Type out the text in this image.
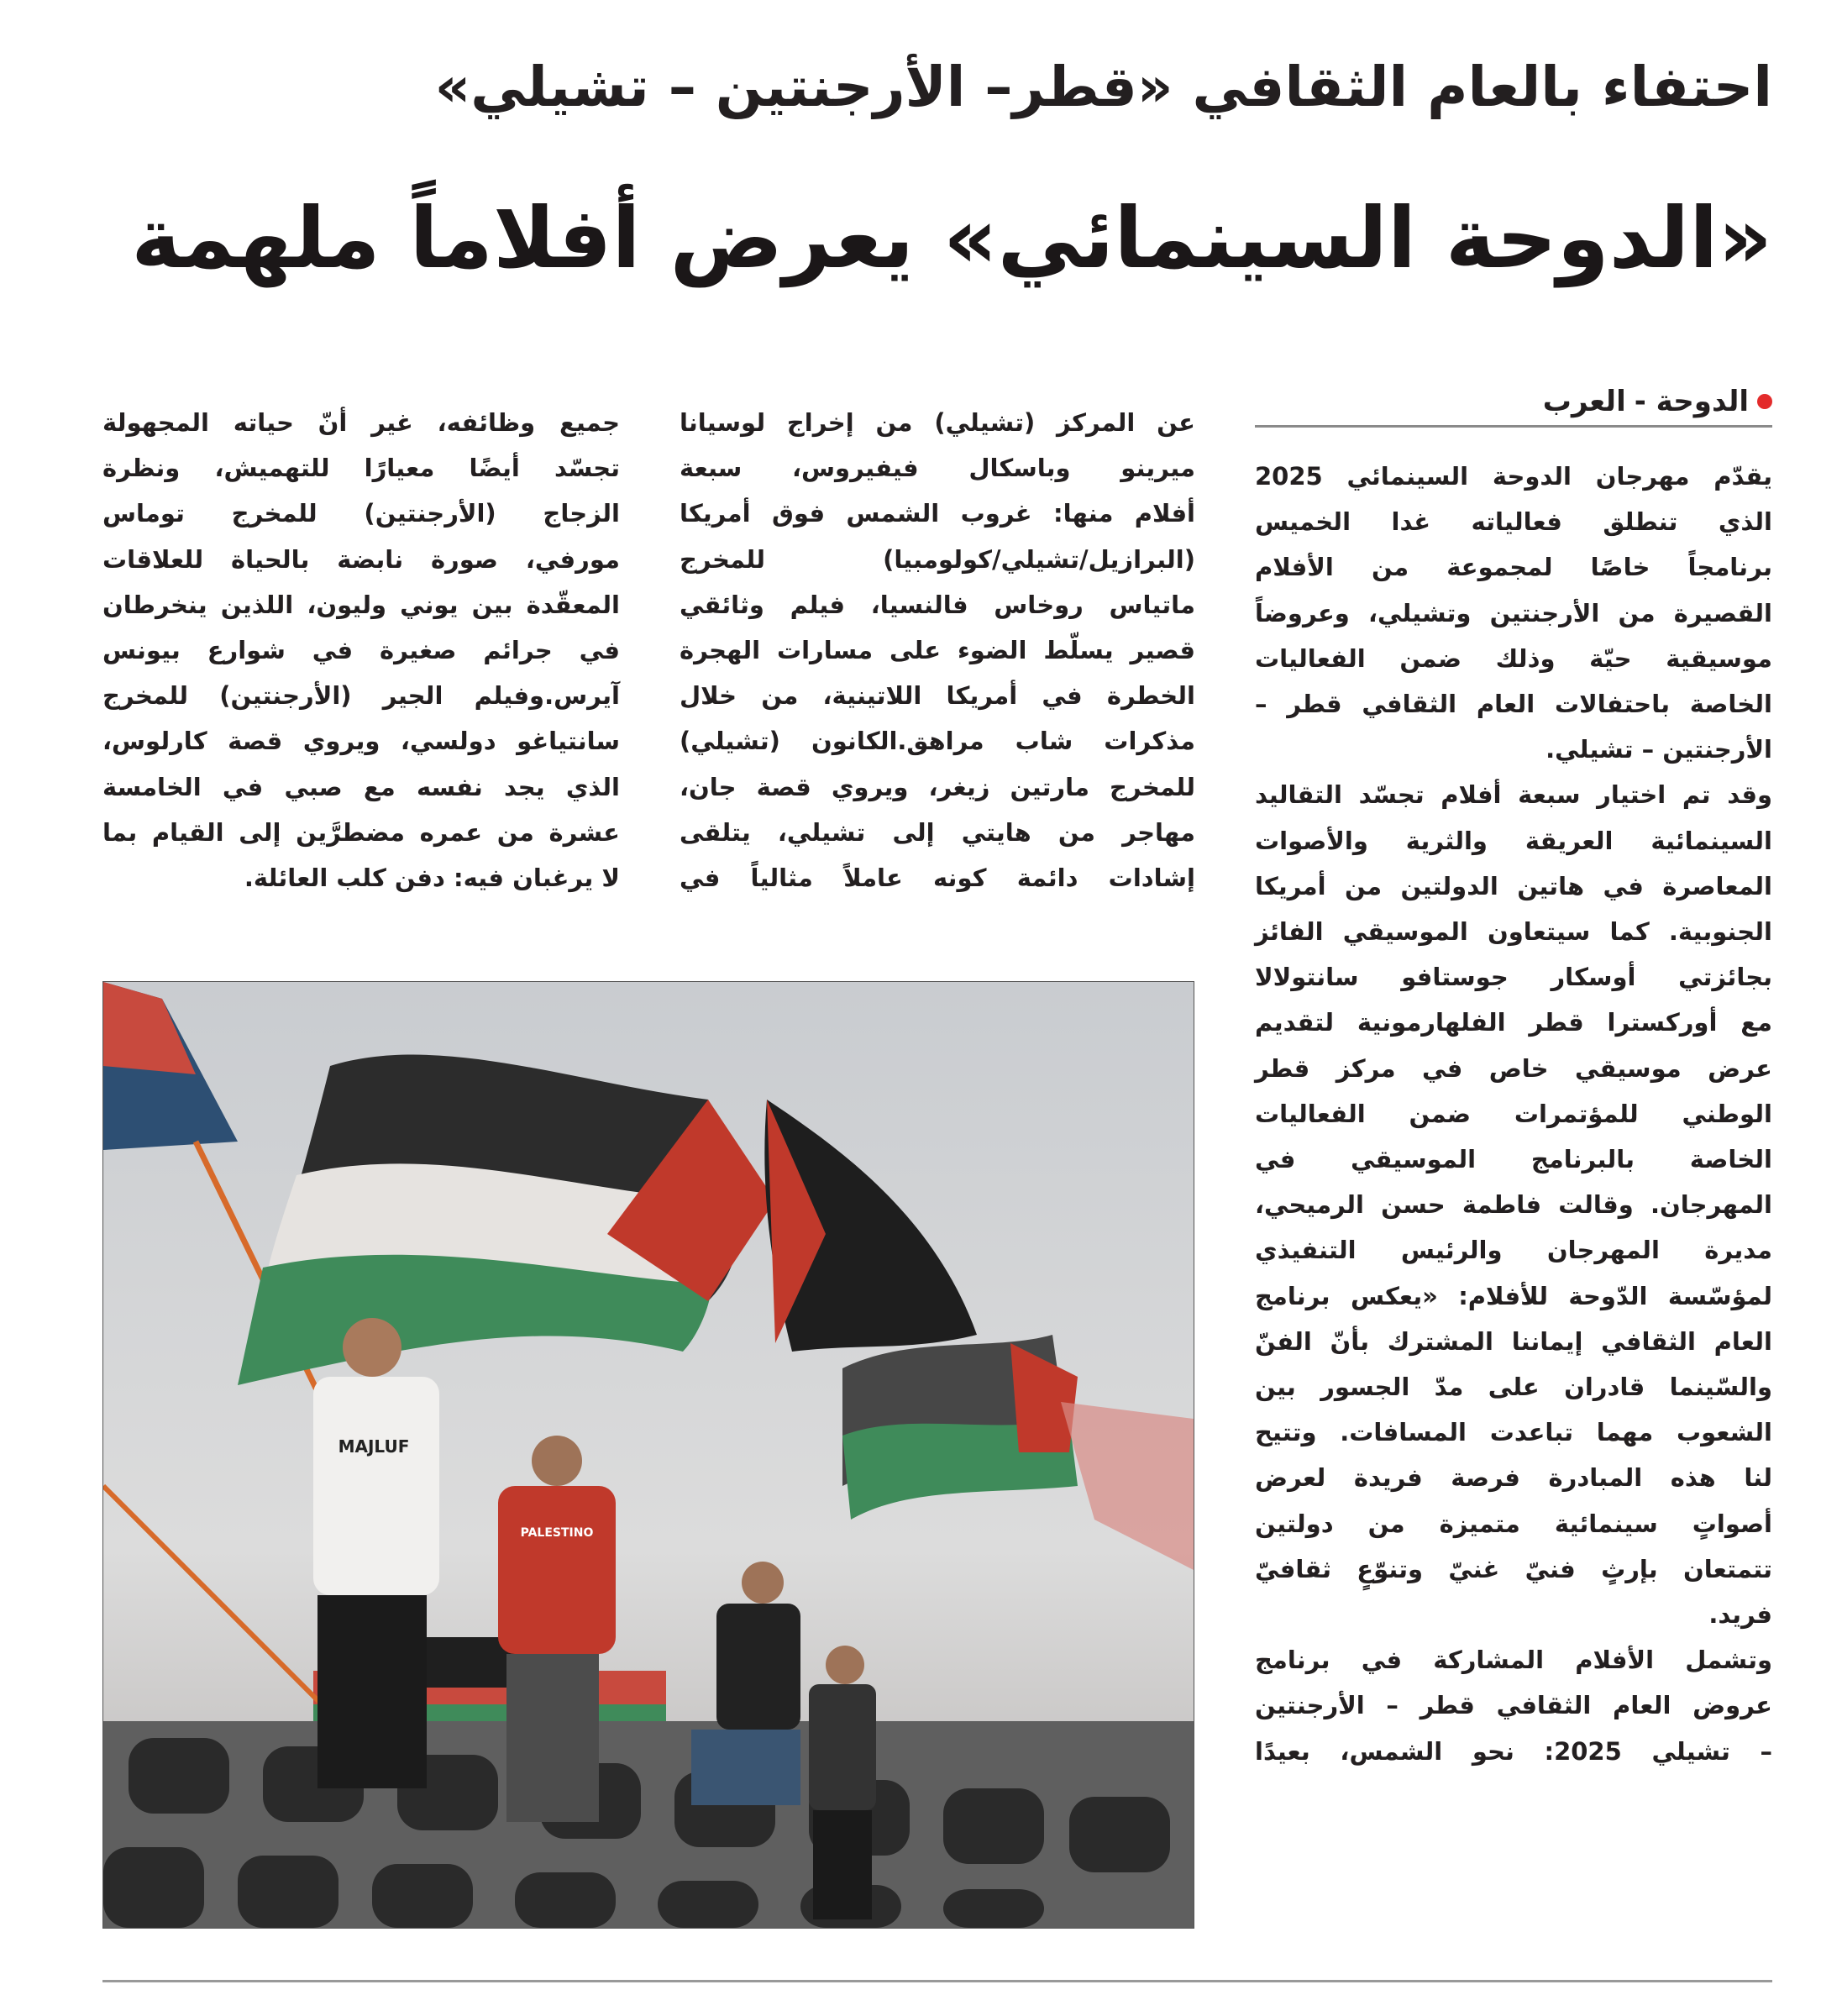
احتفاء بالعام الثقافي «قطر– الأرجنتين – تشيلي»
«الدوحة السينمائي» يعرض أفلاماً ملهمة
الدوحة -
العرب
يقدّم مهرجان الدوحة السينمائي 2025
الذي تنطلق فعالياته غدا الخميس
برنامجاً خاصًا لمجموعة من الأفلام
القصيرة من الأرجنتين وتشيلي، وعروضاً
موسيقية حيّة وذلك ضمن الفعاليات
الخاصة باحتفالات العام الثقافي قطر –
الأرجنتين – تشيلي.
وقد تم اختيار سبعة أفلام تجسّد التقاليد
السينمائية العريقة والثرية والأصوات
المعاصرة في هاتين الدولتين من أمريكا
الجنوبية. كما سيتعاون الموسيقي الفائز
بجائزتي أوسكار جوستافو سانتولالا
مع أوركسترا قطر الفلهارمونية لتقديم
عرض موسيقي خاص في مركز قطر
الوطني للمؤتمرات ضمن الفعاليات
الخاصة بالبرنامج الموسيقي في
المهرجان. وقالت فاطمة حسن الرميحي،
مديرة المهرجان والرئيس التنفيذي
لمؤسّسة الدّوحة للأفلام: «يعكس برنامج
العام الثقافي إيماننا المشترك بأنّ الفنّ
والسّينما قادران على مدّ الجسور بين
الشعوب مهما تباعدت المسافات. وتتيح
لنا هذه المبادرة فرصة فريدة لعرض
أصواتٍ سينمائية متميزة من دولتين
تتمتعان بإرثٍ فنيّ غنيّ وتنوّعٍ ثقافيّ
فريد.
وتشمل الأفلام المشاركة في برنامج
عروض العام الثقافي قطر – الأرجنتين
– تشيلي 2025: نحو الشمس، بعيدًا
عن المركز (تشيلي) من إخراج لوسيانا
ميرينو وباسكال فيفيروس، سبعة
أفلام منها: غروب الشمس فوق أمريكا
(البرازيل/تشيلي/كولومبيا) للمخرج
ماتياس روخاس فالنسيا، فيلم وثائقي
قصير يسلّط الضوء على مسارات الهجرة
الخطرة في أمريكا اللاتينية، من خلال
مذكرات شاب مراهق.الكانون (تشيلي)
للمخرج مارتين زيغر، ويروي قصة جان،
مهاجر من هايتي إلى تشيلي، يتلقى
إشادات دائمة كونه عاملاً مثالياً في
جميع وظائفه، غير أنّ حياته المجهولة
تجسّد أيضًا معيارًا للتهميش، ونظرة
الزجاج (الأرجنتين) للمخرج توماس
مورفي، صورة نابضة بالحياة للعلاقات
المعقّدة بين يوني وليون، اللذين ينخرطان
في جرائم صغيرة في شوارع بيونس
آيرس.وفيلم الجير (الأرجنتين) للمخرج
سانتياغو دولسي، ويروي قصة كارلوس،
الذي يجد نفسه مع صبي في الخامسة
عشرة من عمره مضطرَّين إلى القيام بما
لا يرغبان فيه: دفن كلب العائلة.
MAJLUF
PALESTINO
